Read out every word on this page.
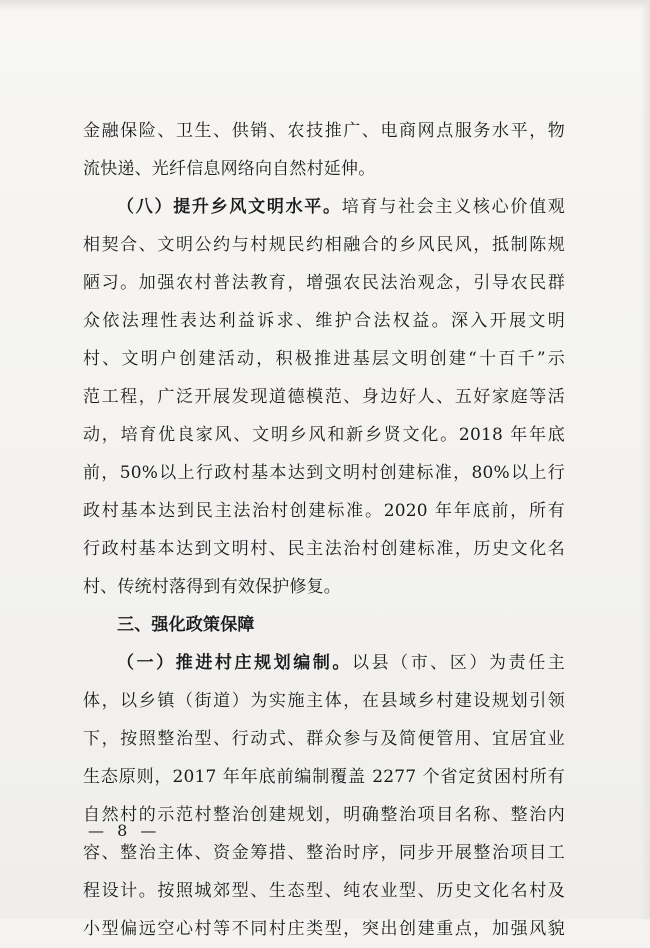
金融保险、卫生、供销、农技推广、电商网点服务水平，物
流快递、光纤信息网络向自然村延伸。
（八）提升乡风文明水平。培育与社会主义核心价值观
相契合、文明公约与村规民约相融合的乡风民风，抵制陈规
陋习。加强农村普法教育，增强农民法治观念，引导农民群
众依法理性表达利益诉求、维护合法权益。深入开展文明
村、文明户创建活动，积极推进基层文明创建“十百千”示
范工程，广泛开展发现道德模范、身边好人、五好家庭等活
动，培育优良家风、文明乡风和新乡贤文化。2018 年年底
前，50%以上行政村基本达到文明村创建标准，80%以上行
政村基本达到民主法治村创建标准。2020 年年底前，所有
行政村基本达到文明村、民主法治村创建标准，历史文化名
村、传统村落得到有效保护修复。
三、强化政策保障
（一）推进村庄规划编制。以县（市、区）为责任主
体，以乡镇（街道）为实施主体，在县域乡村建设规划引领
下，按照整治型、行动式、群众参与及简便管用、宜居宜业
生态原则，2017 年年底前编制覆盖 2277 个省定贫困村所有
自然村的示范村整治创建规划，明确整治项目名称、整治内
容、整治主体、资金筹措、整治时序，同步开展整治项目工
程设计。按照城郊型、生态型、纯农业型、历史文化名村及
小型偏远空心村等不同村庄类型，突出创建重点，加强风貌
— 8 —
